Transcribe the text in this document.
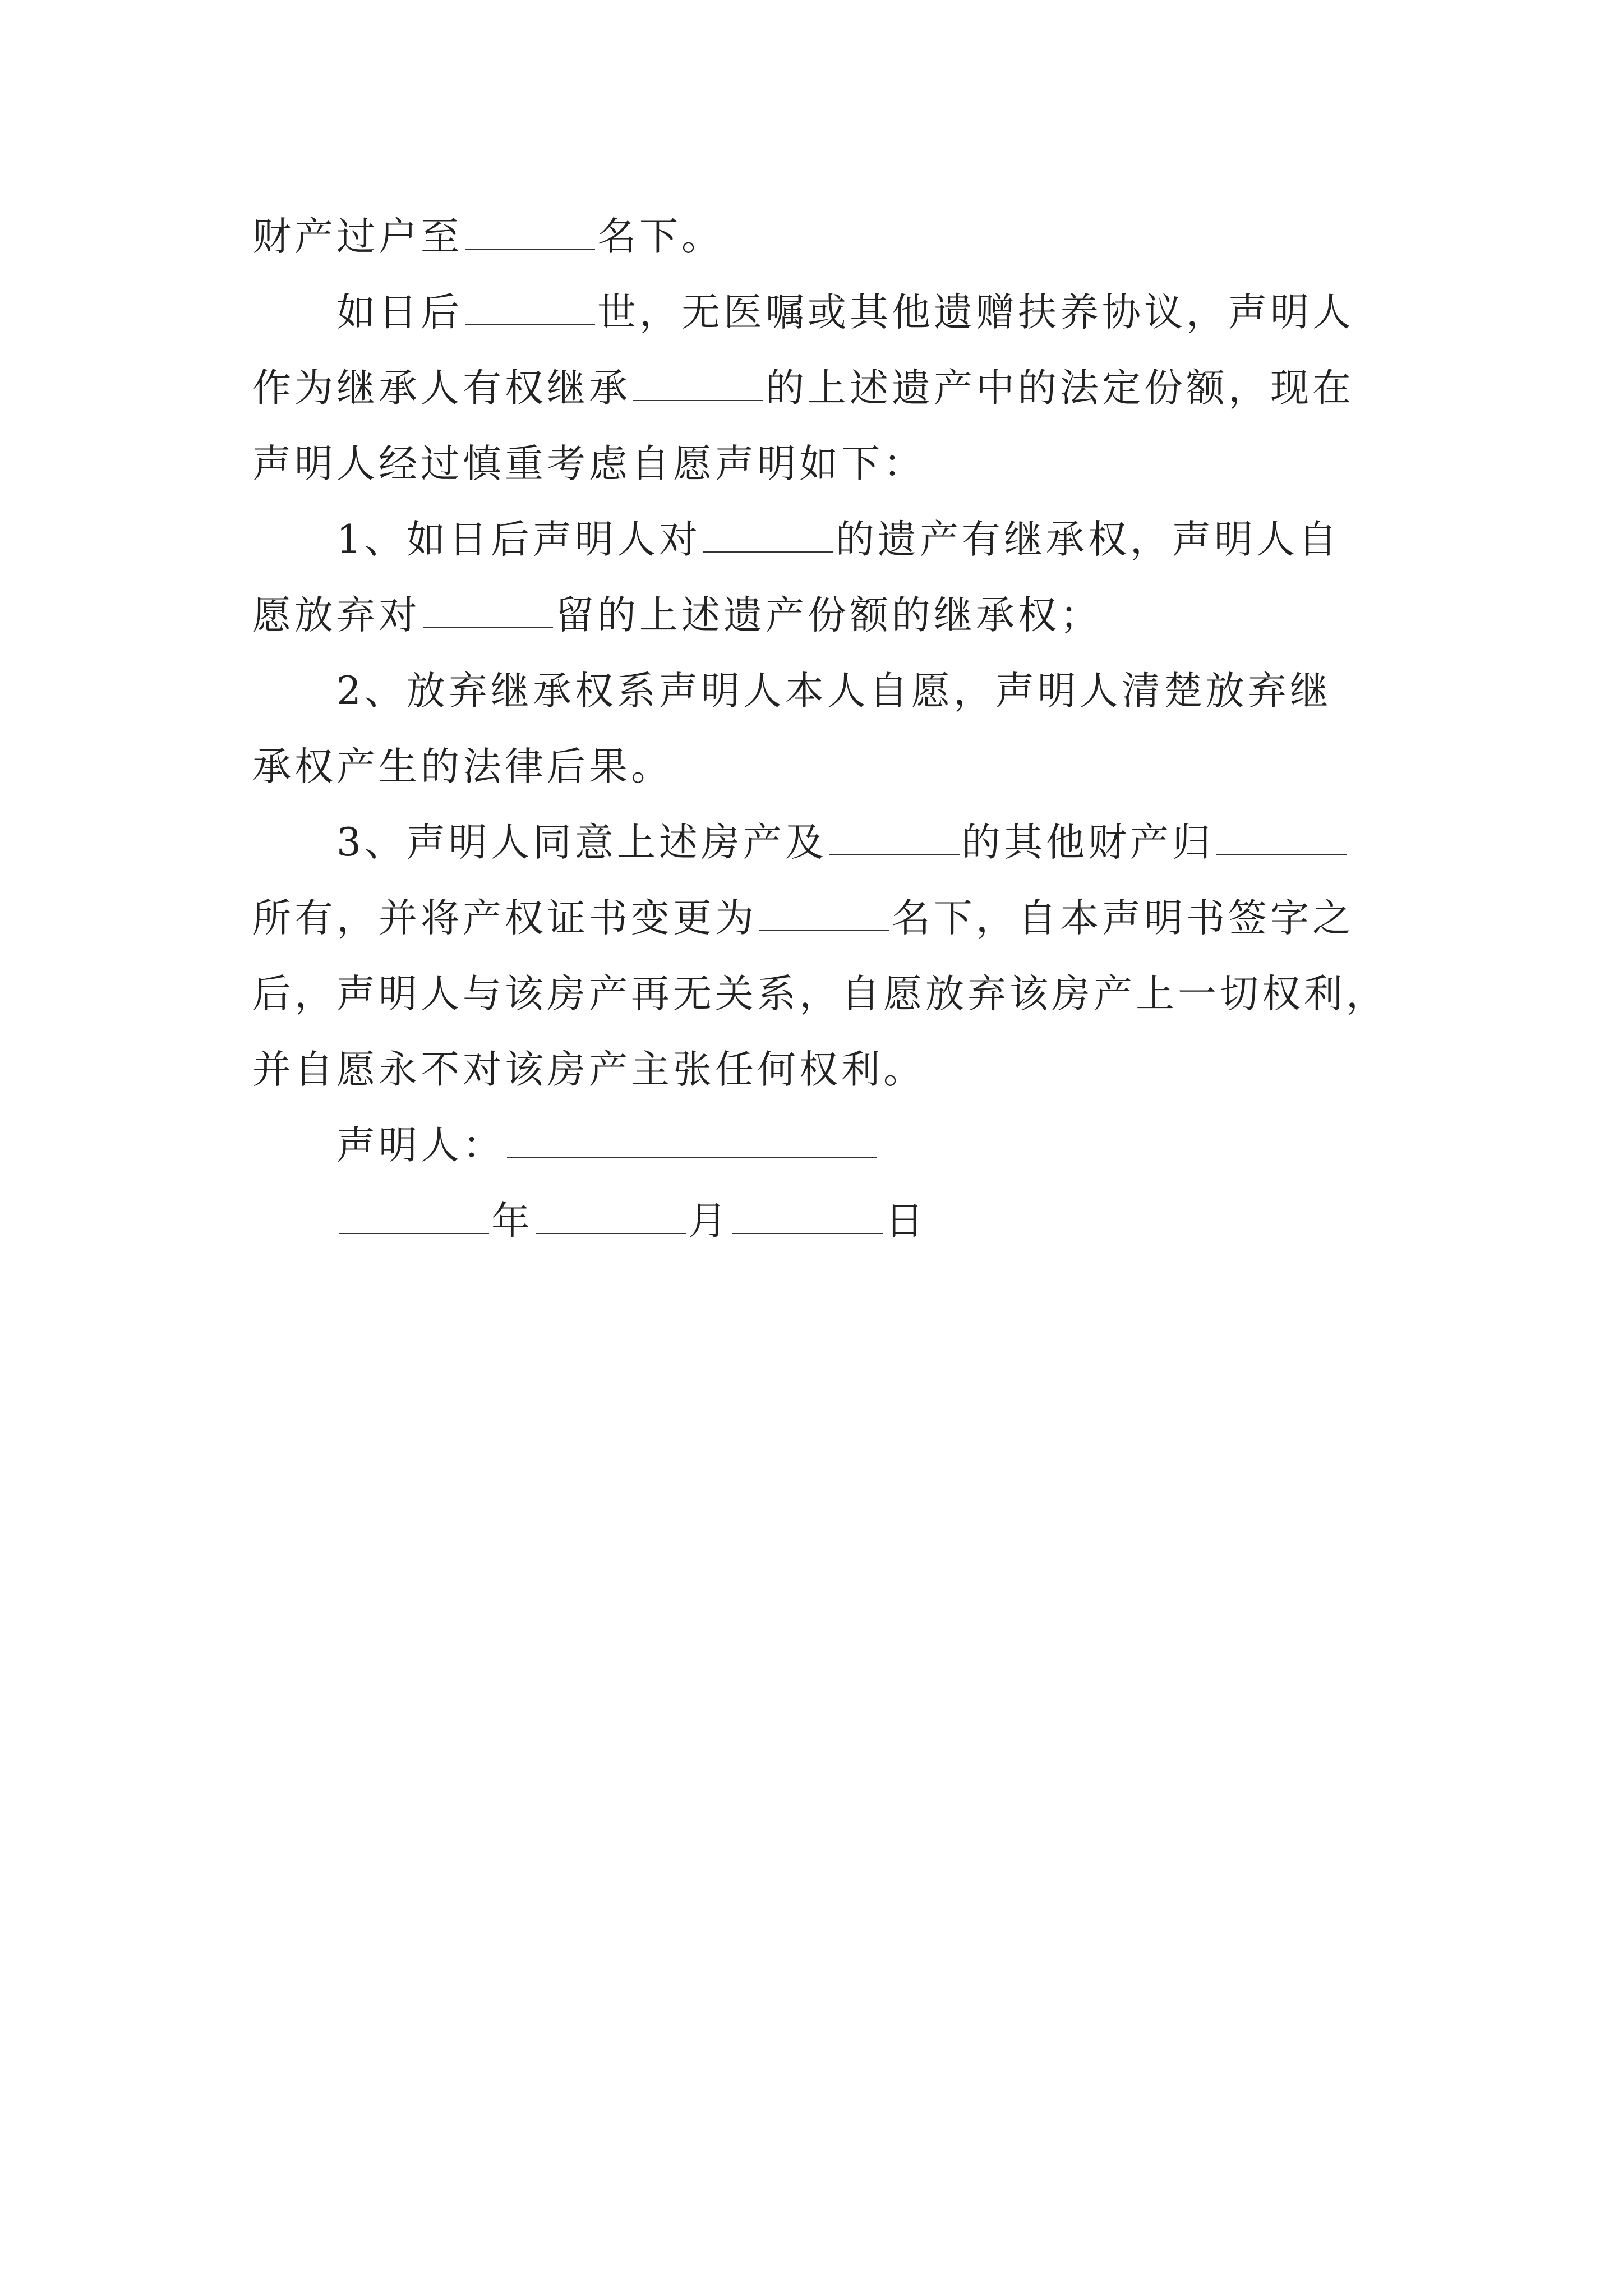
财产过户至	名下。
如日后	世，无医嘱或其他遗赠扶养协议，声明人
作为继承人有权继承	的上述遗产中的法定份额，现在
声明人经过慎重考虑自愿声明如下：
1、如日后声明人对	的遗产有继承权，声明人自
愿放弃对	留的上述遗产份额的继承权；
2、放弃继承权系声明人本人自愿，声明人清楚放弃继
承权产生的法律后果。
3、声明人同意上述房产及	的其他财产归
所有，并将产权证书变更为	名下，自本声明书签字之
后，声明人与该房产再无关系，自愿放弃该房产上一切权利，
并自愿永不对该房产主张任何权利。
声明人：
年	月	日
